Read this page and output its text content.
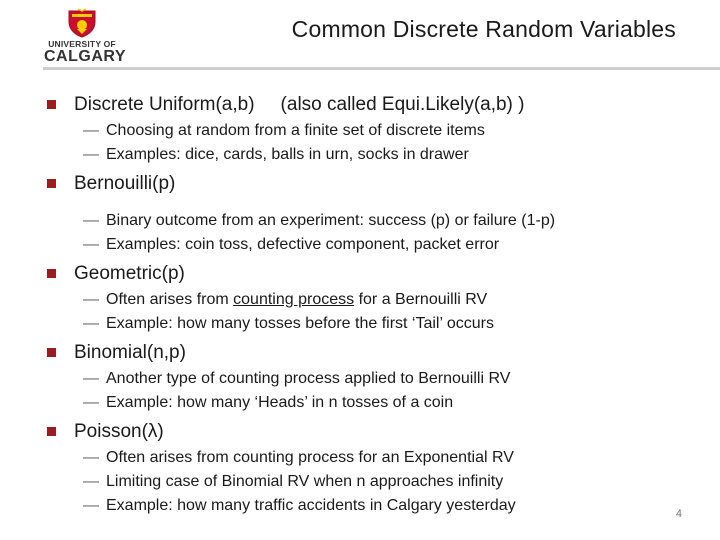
UNIVERSITY OF
CALGARY
Common Discrete Random Variables
Discrete Uniform(a,b) (also called Equi.Likely(a,b) )
— Choosing at random from a finite set of discrete items
— Examples: dice, cards, balls in urn, socks in drawer
Bernouilli(p)
— Binary outcome from an experiment: success (p) or failure (1-p)
— Examples: coin toss, defective component, packet error
Geometric(p)
— Often arises from counting process for a Bernouilli RV
— Example: how many tosses before the first ‘Tail’ occurs
Binomial(n,p)
— Another type of counting process applied to Bernouilli RV
— Example: how many ‘Heads’ in n tosses of a coin
Poisson(λ)
— Often arises from counting process for an Exponential RV
— Limiting case of Binomial RV when n approaches infinity
— Example: how many traffic accidents in Calgary yesterday	4
